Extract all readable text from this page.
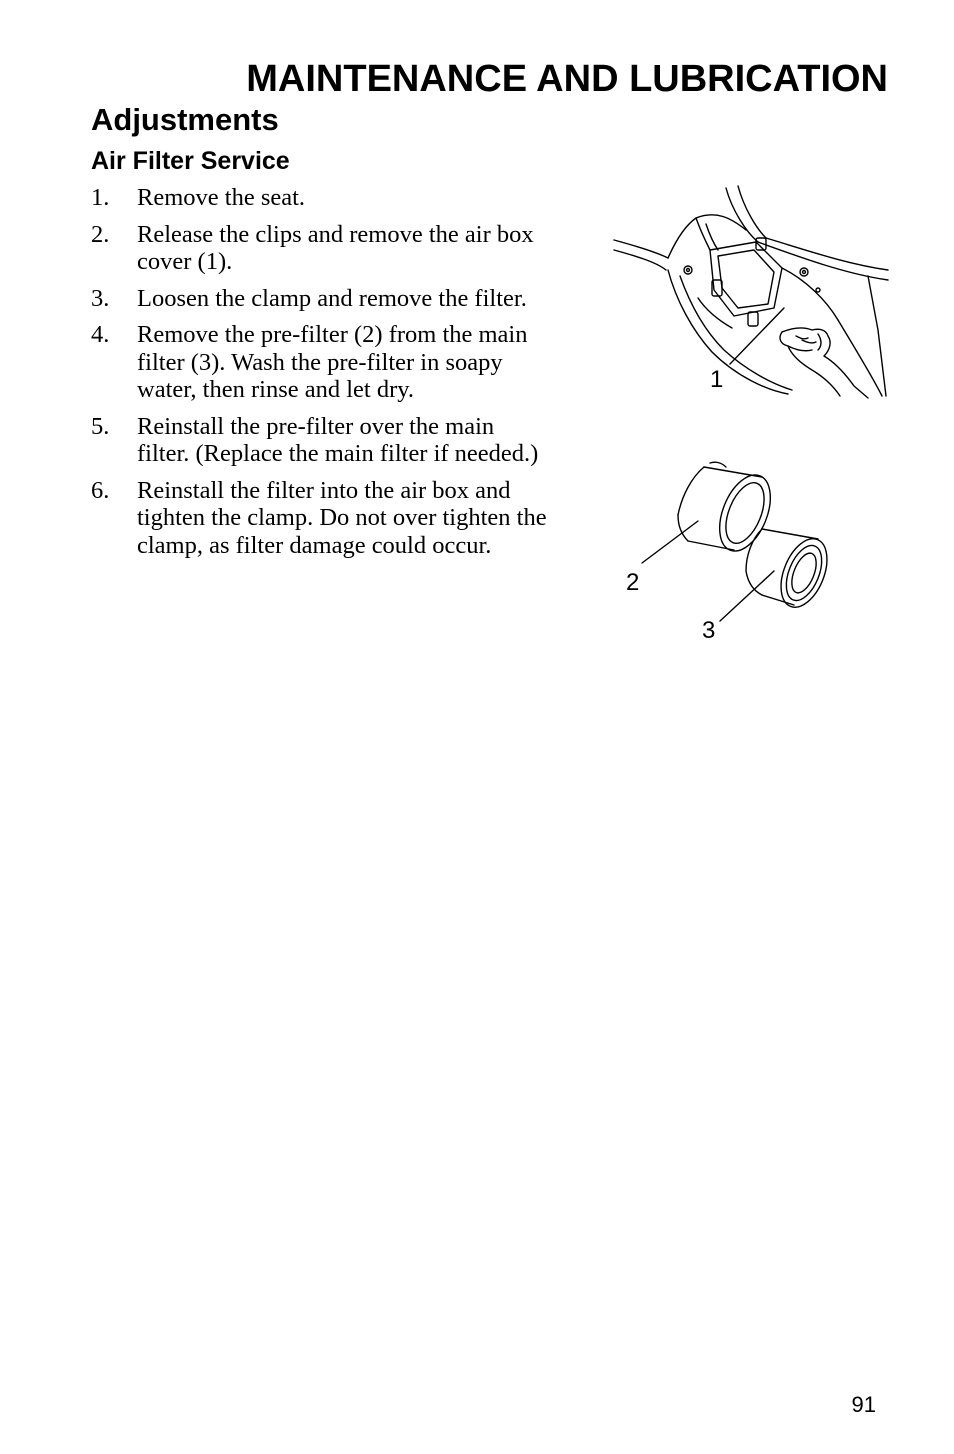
MAINTENANCE AND LUBRICATION
Adjustments
Air Filter Service
1. Remove the seat.
2. Release the clips and remove the air box cover (1).
3. Loosen the clamp and remove the filter.
4. Remove the pre-filter (2) from the main filter (3). Wash the pre-filter in soapy water, then rinse and let dry.
5. Reinstall the pre-filter over the main filter. (Replace the main filter if needed.)
6. Reinstall the filter into the air box and tighten the clamp. Do not over tighten the clamp, as filter damage could occur.
1
2
3
91
